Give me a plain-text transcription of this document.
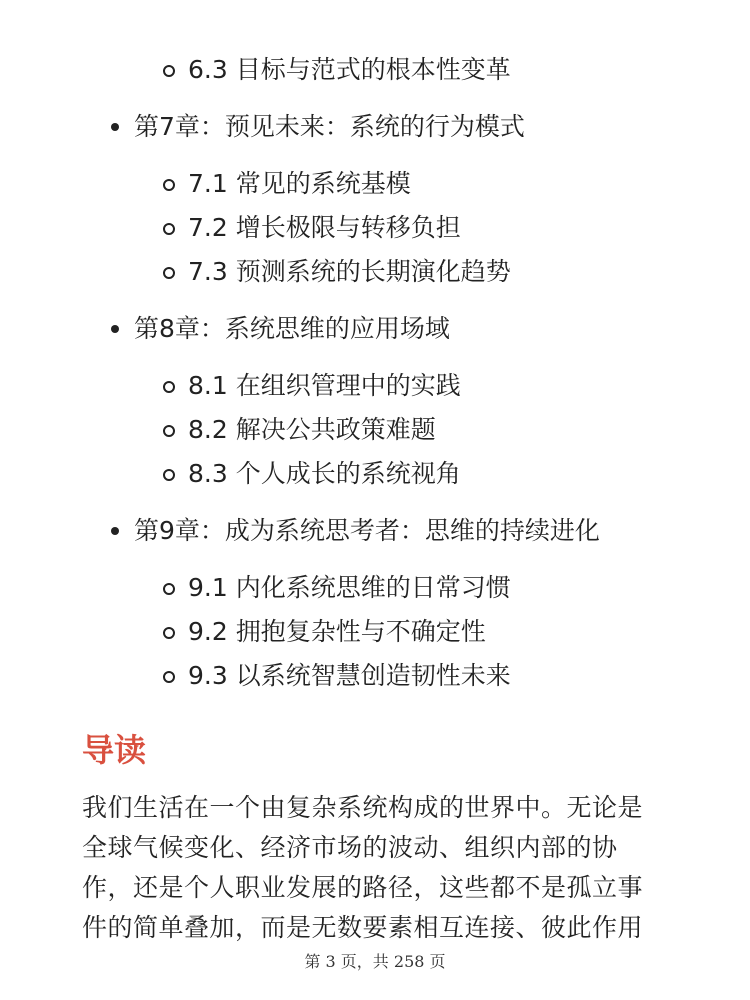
6.3 目标与范式的根本性变革
第7章：预见未来：系统的行为模式
7.1 常见的系统基模
7.2 增长极限与转移负担
7.3 预测系统的长期演化趋势
第8章：系统思维的应用场域
8.1 在组织管理中的实践
8.2 解决公共政策难题
8.3 个人成长的系统视角
第9章：成为系统思考者：思维的持续进化
9.1 内化系统思维的日常习惯
9.2 拥抱复杂性与不确定性
9.3 以系统智慧创造韧性未来
导读
我们生活在一个由复杂系统构成的世界中。无论是
全球气候变化、经济市场的波动、组织内部的协
作，还是个人职业发展的路径，这些都不是孤立事
件的简单叠加，而是无数要素相互连接、彼此作用
第 3 页，共 258 页
